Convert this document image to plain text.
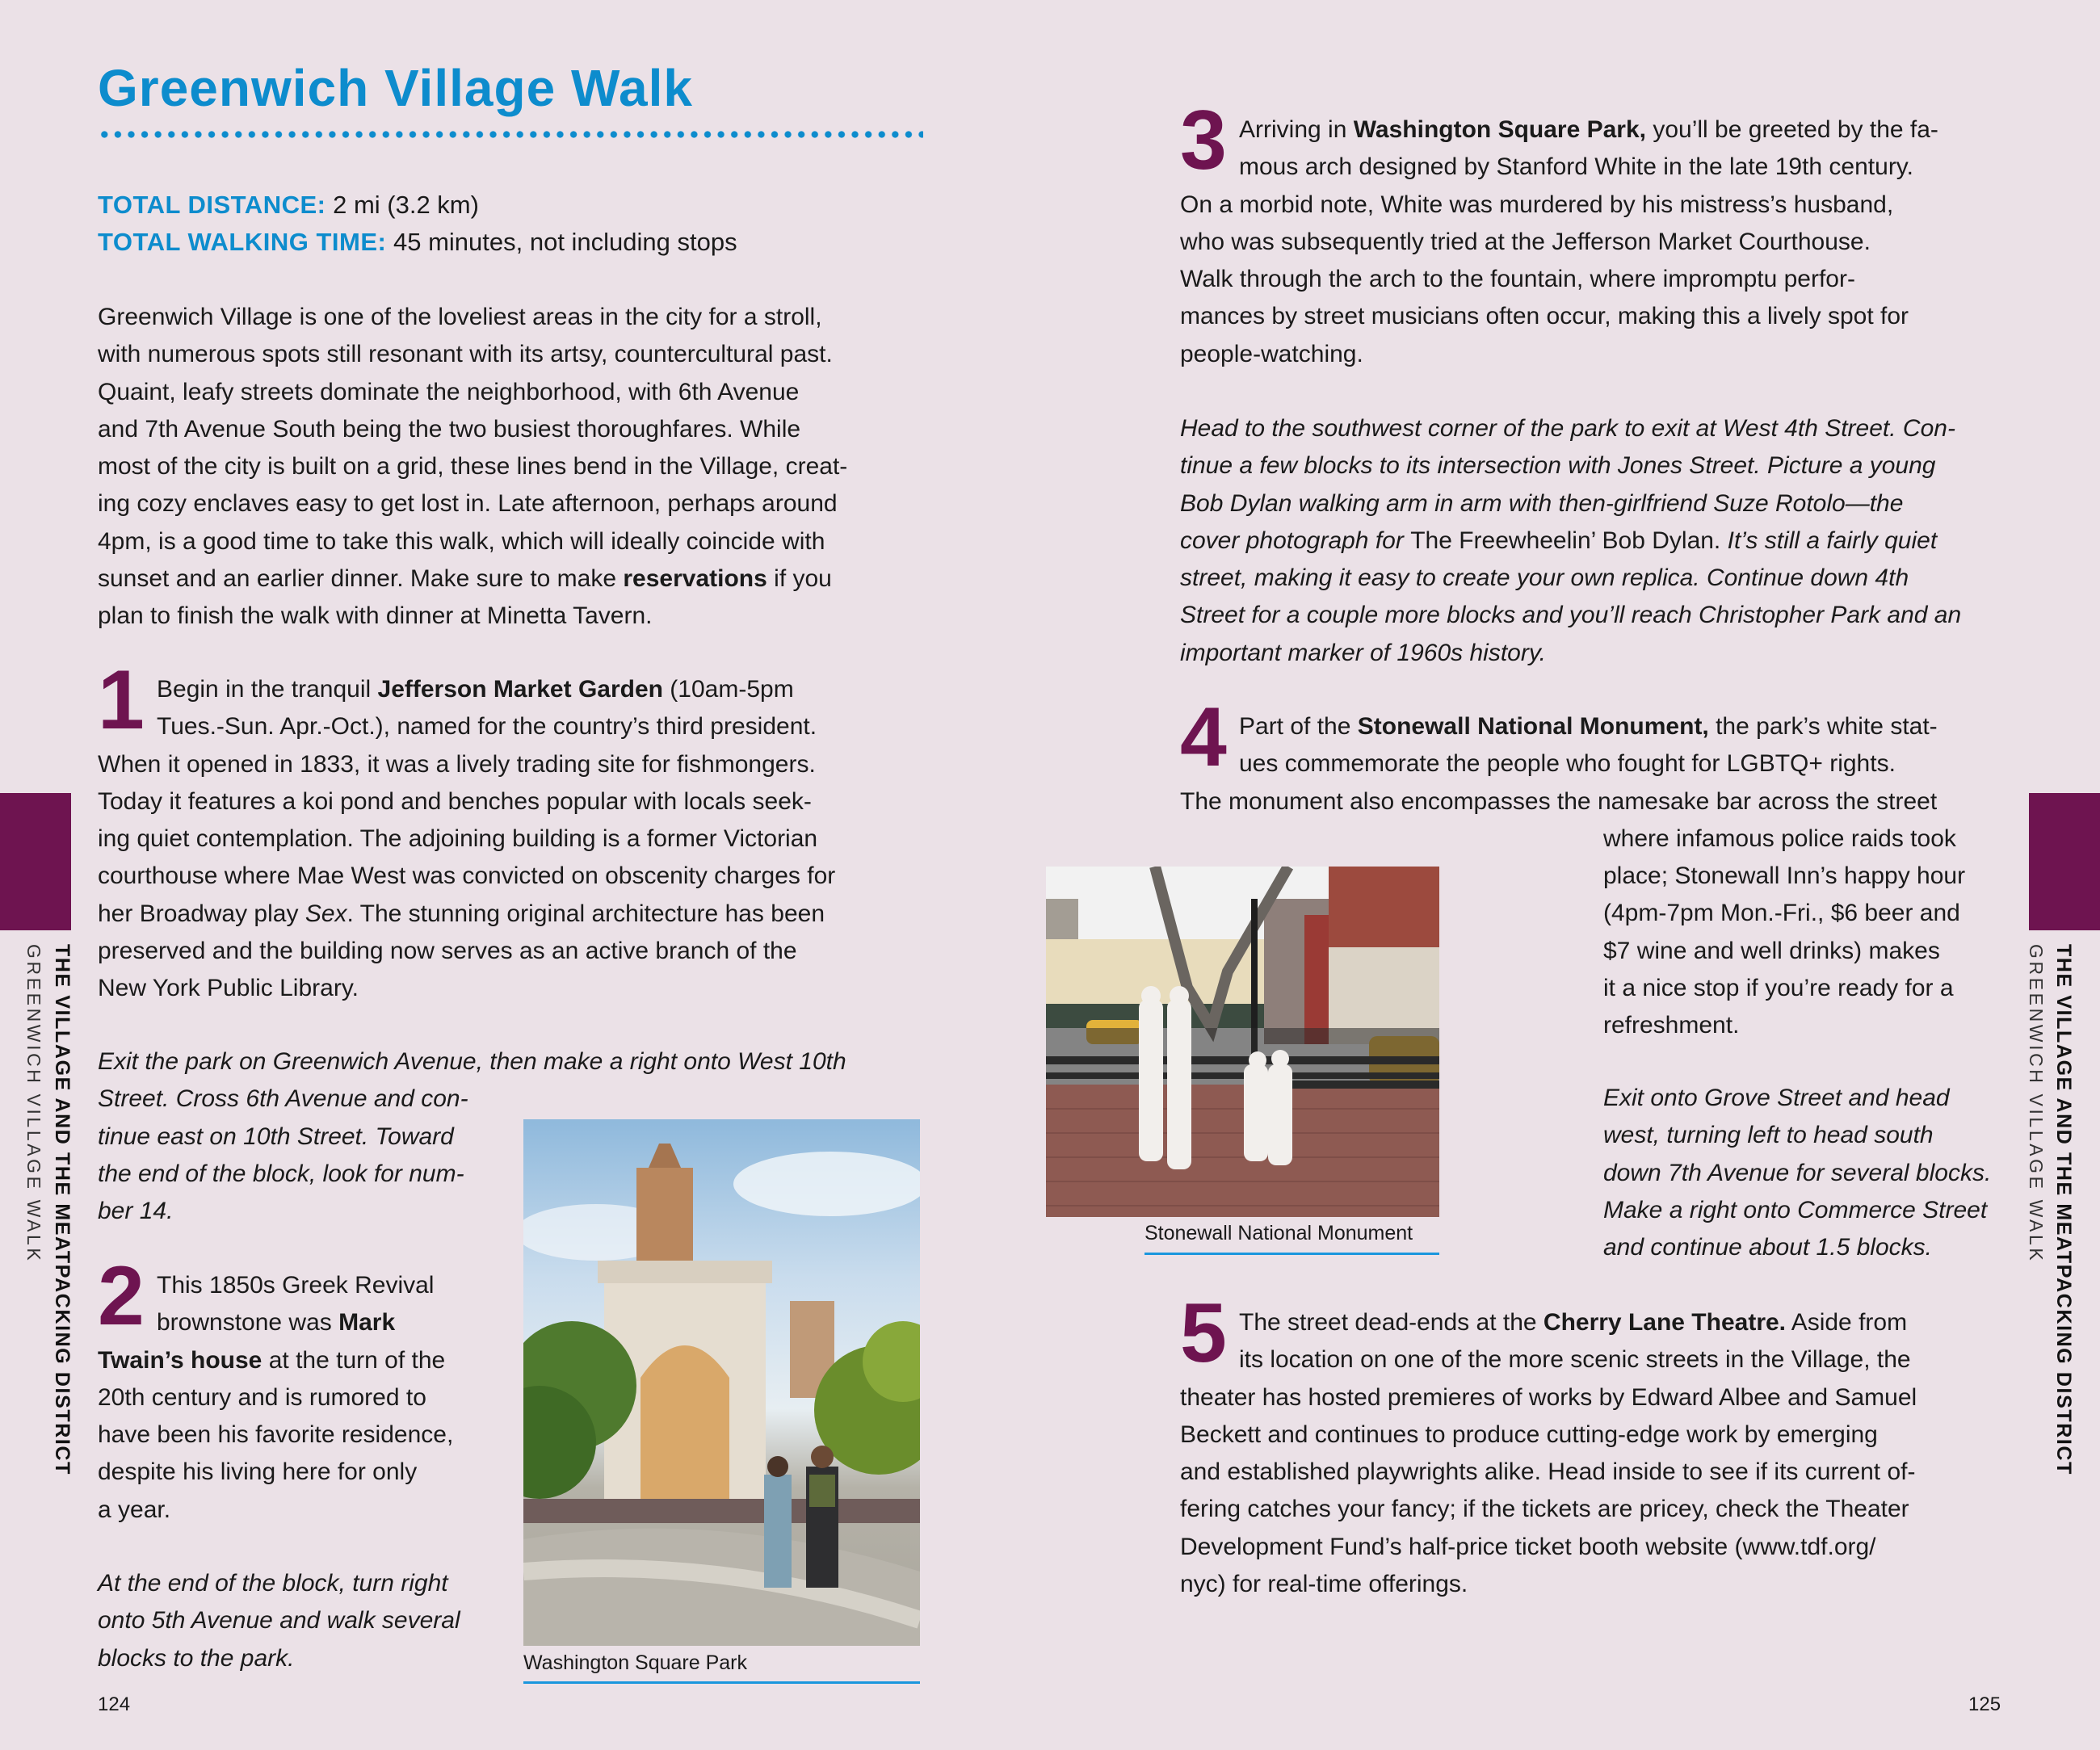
Greenwich Village Walk
TOTAL DISTANCE: 2 mi (3.2 km)
TOTAL WALKING TIME: 45 minutes, not including stops
Greenwich Village is one of the loveliest areas in the city for a stroll,
with numerous spots still resonant with its artsy, countercultural past.
Quaint, leafy streets dominate the neighborhood, with 6th Avenue
and 7th Avenue South being the two busiest thoroughfares. While
most of the city is built on a grid, these lines bend in the Village, creat-
ing cozy enclaves easy to get lost in. Late afternoon, perhaps around
4pm, is a good time to take this walk, which will ideally coincide with
sunset and an earlier dinner. Make sure to make reservations if you
plan to finish the walk with dinner at Minetta Tavern.
1 Begin in the tranquil Jefferson Market Garden (10am-5pm
Tues.-Sun. Apr.-Oct.), named for the country’s third president.
When it opened in 1833, it was a lively trading site for fishmongers.
Today it features a koi pond and benches popular with locals seek-
ing quiet contemplation. The adjoining building is a former Victorian
courthouse where Mae West was convicted on obscenity charges for
her Broadway play Sex. The stunning original architecture has been
preserved and the building now serves as an active branch of the
New York Public Library.
Exit the park on Greenwich Avenue, then make a right onto West 10th
Street. Cross 6th Avenue and con-
tinue east on 10th Street. Toward
the end of the block, look for num-
ber 14.
2 This 1850s Greek Revival
brownstone was Mark
Twain’s house at the turn of the
20th century and is rumored to
have been his favorite residence,
despite his living here for only
a year.
At the end of the block, turn right
onto 5th Avenue and walk several
blocks to the park.	Washington Square Park
124
THE VILLAGE AND THE MEATPACKING DISTRICT
GREENWICH VILLAGE WALK
3 Arriving in Washington Square Park, you’ll be greeted by the fa-
mous arch designed by Stanford White in the late 19th century.
On a morbid note, White was murdered by his mistress’s husband,
who was subsequently tried at the Jefferson Market Courthouse.
Walk through the arch to the fountain, where impromptu perfor-
mances by street musicians often occur, making this a lively spot for
people-watching.
Head to the southwest corner of the park to exit at West 4th Street. Con-
tinue a few blocks to its intersection with Jones Street. Picture a young
Bob Dylan walking arm in arm with then-girlfriend Suze Rotolo—the
cover photograph for The Freewheelin’ Bob Dylan. It’s still a fairly quiet
street, making it easy to create your own replica. Continue down 4th
Street for a couple more blocks and you’ll reach Christopher Park and an
important marker of 1960s history.
4 Part of the Stonewall National Monument, the park’s white stat-
ues commemorate the people who fought for LGBTQ+ rights.
The monument also encompasses the namesake bar across the street
where infamous police raids took
place; Stonewall Inn’s happy hour
(4pm-7pm Mon.-Fri., $6 beer and
$7 wine and well drinks) makes
it a nice stop if you’re ready for a
refreshment.
Exit onto Grove Street and head
west, turning left to head south
down 7th Avenue for several blocks.
Make a right onto Commerce Street
and continue about 1.5 blocks.
5 The street dead-ends at the Cherry Lane Theatre. Aside from
its location on one of the more scenic streets in the Village, the
theater has hosted premieres of works by Edward Albee and Samuel
Beckett and continues to produce cutting-edge work by emerging
and established playwrights alike. Head inside to see if its current of-
fering catches your fancy; if the tickets are pricey, check the Theater
Development Fund’s half-price ticket booth website (www.tdf.org/
nyc) for real-time offerings.
Stonewall National Monument
125
THE VILLAGE AND THE MEATPACKING DISTRICT
GREENWICH VILLAGE WALK
